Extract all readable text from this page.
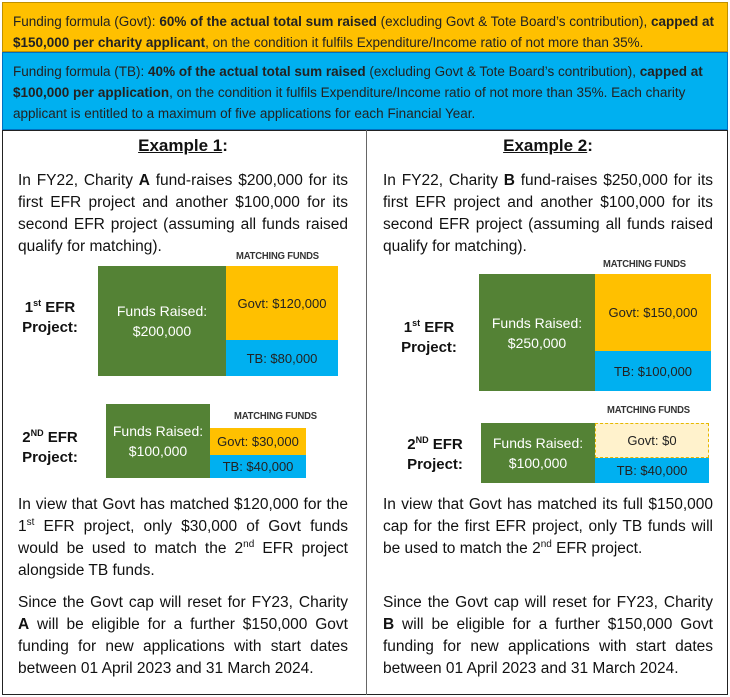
Funding formula (Govt): 60% of the actual total sum raised (excluding Govt & Tote Board’s contribution), capped at $150,000 per charity applicant, on the condition it fulfils Expenditure/Income ratio of not more than 35%.
Funding formula (TB): 40% of the actual total sum raised (excluding Govt & Tote Board’s contribution), capped at $100,000 per application, on the condition it fulfils Expenditure/Income ratio of not more than 35%. Each charity applicant is entitled to a maximum of five applications for each Financial Year.
Example 1:

In FY22, Charity A fund-raises $200,000 for its first EFR project and another $100,000 for its second EFR project (assuming all funds raised qualify for matching).

MATCHING FUNDS
1st EFR
Project:
Funds Raised:
$200,000
Govt: $120,000
TB: $80,000
MATCHING FUNDS
2ND EFR
Project:
Funds Raised:
$100,000
Govt: $30,000
TB: $40,000

In view that Govt has matched $120,000 for the 1st EFR project, only $30,000 of Govt funds would be used to match the 2nd EFR project alongside TB funds.

Since the Govt cap will reset for FY23, Charity A will be eligible for a further $150,000 Govt funding for new applications with start dates between 01 April 2023 and 31 March 2024.

Example 2:

In FY22, Charity B fund-raises $250,000 for its first EFR project and another $100,000 for its second EFR project (assuming all funds raised qualify for matching).

MATCHING FUNDS
1st EFR
Project:
Funds Raised:
$250,000
Govt: $150,000
TB: $100,000
MATCHING FUNDS
2ND EFR
Project:
Funds Raised:
$100,000
Govt: $0
TB: $40,000

In view that Govt has matched its full $150,000 cap for the first EFR project, only TB funds will be used to match the 2nd EFR project.

Since the Govt cap will reset for FY23, Charity B will be eligible for a further $150,000 Govt funding for new applications with start dates between 01 April 2023 and 31 March 2024.
